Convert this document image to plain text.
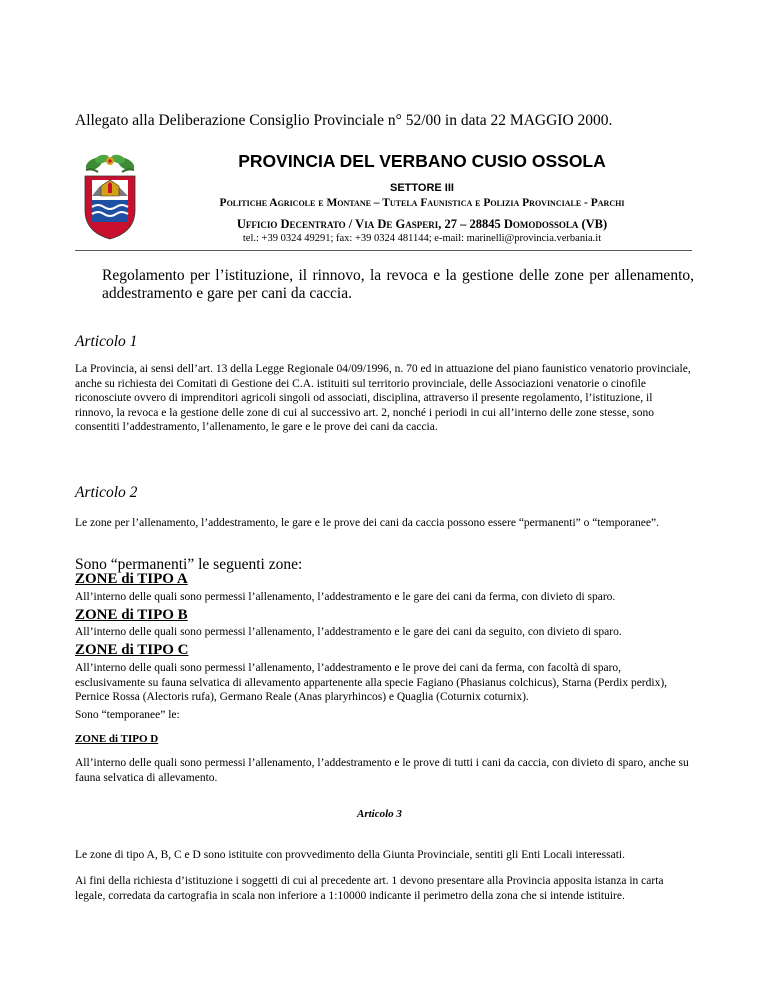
Allegato alla Deliberazione Consiglio Provinciale n° 52/00 in data 22 MAGGIO 2000.
PROVINCIA DEL VERBANO CUSIO OSSOLA
SETTORE III
Politiche Agricole e Montane – Tutela Faunistica e Polizia Provinciale - Parchi
Ufficio Decentrato / Via De Gasperi, 27 – 28845 Domodossola (VB)
tel.: +39 0324 49291; fax: +39 0324 481144; e-mail: marinelli@provincia.verbania.it
Regolamento per l’istituzione, il rinnovo, la revoca e la gestione delle zone per allenamento, addestramento e gare per cani da caccia.
Articolo 1
La Provincia, ai sensi dell’art. 13 della Legge Regionale 04/09/1996, n. 70 ed in attuazione del piano faunistico venatorio provinciale, anche su richiesta dei Comitati di Gestione dei C.A. istituiti sul territorio provinciale, delle Associazioni venatorie o cinofile riconosciute ovvero di imprenditori agricoli singoli od associati, disciplina, attraverso il presente regolamento, l’istituzione, il rinnovo, la revoca e la gestione delle zone di cui al successivo art. 2, nonché i periodi in cui all’interno delle zone stesse, sono consentiti l’addestramento, l’allenamento, le gare e le prove dei cani da caccia.
Articolo 2
Le zone per l’allenamento, l’addestramento, le gare e le prove dei cani da caccia possono essere “permanenti” o “temporanee”.
Sono “permanenti” le seguenti zone:
ZONE di TIPO A
All’interno delle quali sono permessi l’allenamento, l’addestramento e le gare dei cani da ferma, con divieto di sparo.
ZONE di TIPO B
All’interno delle quali sono permessi l’allenamento, l’addestramento e le gare dei cani da seguito, con divieto di sparo.
ZONE di TIPO C
All’interno delle quali sono permessi l’allenamento, l’addestramento e le prove dei cani da ferma, con facoltà di sparo, esclusivamente su fauna selvatica di allevamento appartenente alla specie Fagiano (Phasianus colchicus), Starna (Perdix perdix), Pernice Rossa (Alectoris rufa), Germano Reale (Anas plaryrhincos) e Quaglia (Coturnix coturnix).
Sono “temporanee” le:
ZONE di TIPO D
All’interno delle quali sono permessi l’allenamento, l’addestramento e le prove di tutti i cani da caccia, con divieto di sparo, anche su fauna selvatica di allevamento.
Articolo 3
Le zone di tipo A, B, C e D sono istituite con provvedimento della Giunta Provinciale, sentiti gli Enti Locali interessati.
Ai fini della richiesta d’istituzione i soggetti di cui al precedente art. 1 devono presentare alla Provincia apposita istanza in carta legale, corredata da cartografia in scala non inferiore a 1:10000 indicante il perimetro della zona che si intende istituire.
